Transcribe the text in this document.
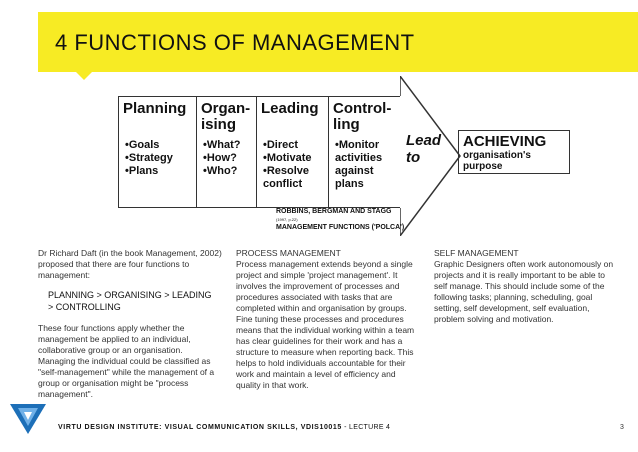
4 FUNCTIONS OF MANAGEMENT
Planning
•Goals
•Strategy
•Plans
Organ-
ising
•What?
•How?
•Who?
Leading
•Direct
•Motivate
•Resolve
conflict
Control-
ling
•Monitor
activities
against
plans
Lead
to
ACHIEVING
organisation's
purpose
ROBBINS, BERGMAN AND STAGG
(1997, p.22)
MANAGEMENT FUNCTIONS ('POLCA')

Dr Richard Daft (in the book Management, 2002) proposed that there are four functions to management:

PLANNING > ORGANISING > LEADING
> CONTROLLING

These four functions apply whether the management be applied to an individual, collaborative group or an organisation. Managing the individual could be classified as "self-management" while the management of a group or organisation might be "process management".

PROCESS MANAGEMENT

Process management extends beyond a single project and simple 'project management'. It involves the improvement of processes and procedures associated with tasks that are completed within and organisation by groups. Fine tuning these processes and procedures means that the individual working within a team has clear guidelines for their work and has a structure to measure when reporting back. This helps to hold individuals accountable for their work and maintain a level of efficiency and quality in that work.

SELF MANAGEMENT

Graphic Designers often work autonomously on projects and it is really important to be able to self manage. This should include some of the following tasks; planning, scheduling, goal setting, self development, self evaluation, problem solving and motivation.

VIRTU DESIGN INSTITUTE: VISUAL COMMUNICATION SKILLS, VDIS10015 - LECTURE 4	3
